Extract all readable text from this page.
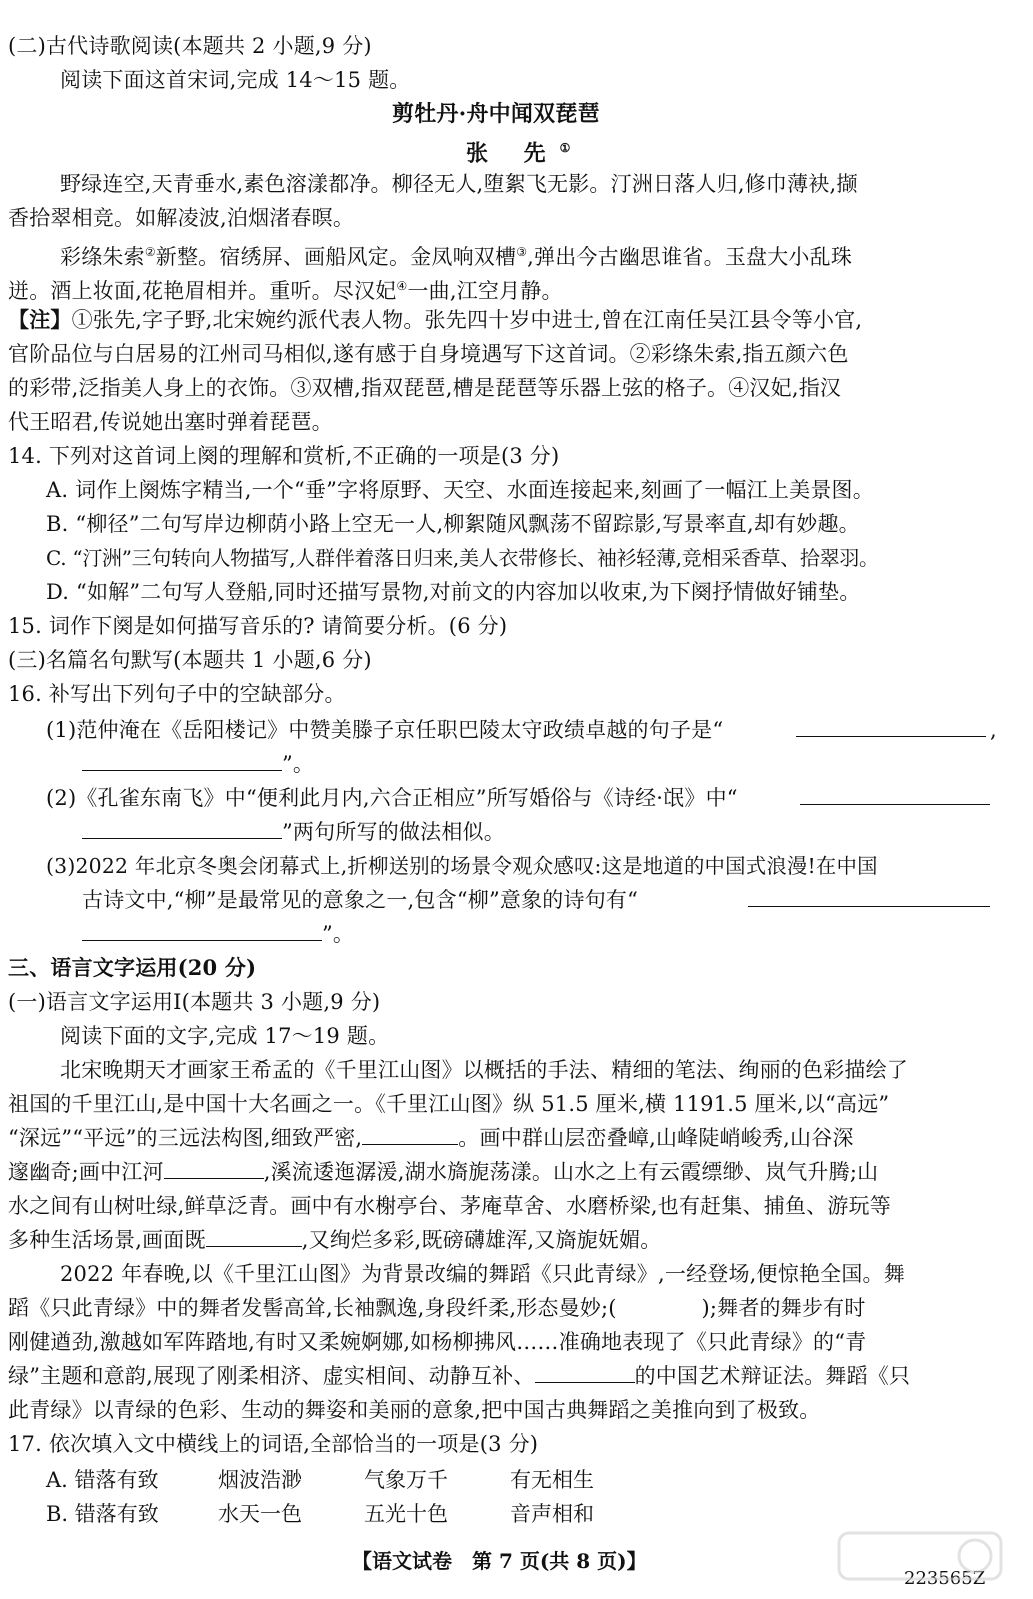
(二)古代诗歌阅读(本题共 2 小题,9 分)
阅读下面这首宋词,完成 14～15 题。
剪牡丹·舟中闻双琵琶
张 先①
野绿连空,天青垂水,素色溶漾都净。柳径无人,堕絮飞无影。汀洲日落人归,修巾薄袂,撷
香拾翠相竞。如解凌波,泊烟渚春暝。
彩绦朱索②新整。宿绣屏、画船风定。金凤响双槽③,弹出今古幽思谁省。玉盘大小乱珠
迸。酒上妆面,花艳眉相并。重听。尽汉妃④一曲,江空月静。
【注】①张先,字子野,北宋婉约派代表人物。张先四十岁中进士,曾在江南任吴江县令等小官,
官阶品位与白居易的江州司马相似,遂有感于自身境遇写下这首词。②彩绦朱索,指五颜六色
的彩带,泛指美人身上的衣饰。③双槽,指双琵琶,槽是琵琶等乐器上弦的格子。④汉妃,指汉
代王昭君,传说她出塞时弹着琵琶。
14. 下列对这首词上阕的理解和赏析,不正确的一项是(3 分)
A. 词作上阕炼字精当,一个“垂”字将原野、天空、水面连接起来,刻画了一幅江上美景图。
B. “柳径”二句写岸边柳荫小路上空无一人,柳絮随风飘荡不留踪影,写景率直,却有妙趣。
C. “汀洲”三句转向人物描写,人群伴着落日归来,美人衣带修长、袖衫轻薄,竞相采香草、拾翠羽。
D. “如解”二句写人登船,同时还描写景物,对前文的内容加以收束,为下阕抒情做好铺垫。
15. 词作下阕是如何描写音乐的? 请简要分析。(6 分)
(三)名篇名句默写(本题共 1 小题,6 分)
16. 补写出下列句子中的空缺部分。
(1)范仲淹在《岳阳楼记》中赞美滕子京任职巴陵太守政绩卓越的句子是“	,
”。
(2)《孔雀东南飞》中“便利此月内,六合正相应”所写婚俗与《诗经·氓》中“
”两句所写的做法相似。
(3)2022 年北京冬奥会闭幕式上,折柳送别的场景令观众感叹:这是地道的中国式浪漫!在中国
古诗文中,“柳”是最常见的意象之一,包含“柳”意象的诗句有“
”。
三、语言文字运用(20 分)
(一)语言文字运用Ⅰ(本题共 3 小题,9 分)
阅读下面的文字,完成 17～19 题。
北宋晚期天才画家王希孟的《千里江山图》以概括的手法、精细的笔法、绚丽的色彩描绘了
祖国的千里江山,是中国十大名画之一。《千里江山图》纵 51.5 厘米,横 1191.5 厘米,以“高远”
“深远”“平远”的三远法构图,细致严密,	。画中群山层峦叠嶂,山峰陡峭峻秀,山谷深
邃幽奇;画中江河	,溪流逶迤潺湲,湖水旖旎荡漾。山水之上有云霞缥缈、岚气升腾;山
水之间有山树吐绿,鲜草泛青。画中有水榭亭台、茅庵草舍、水磨桥梁,也有赶集、捕鱼、游玩等
多种生活场景,画面既	,又绚烂多彩,既磅礴雄浑,又旖旎妩媚。
2022 年春晚,以《千里江山图》为背景改编的舞蹈《只此青绿》,一经登场,便惊艳全国。舞
蹈《只此青绿》中的舞者发髻高耸,长袖飘逸,身段纤柔,形态曼妙;(　　　　);舞者的舞步有时
刚健遒劲,激越如军阵踏地,有时又柔婉婀娜,如杨柳拂风……准确地表现了《只此青绿》的“青
绿”主题和意韵,展现了刚柔相济、虚实相间、动静互补、	的中国艺术辩证法。舞蹈《只
此青绿》以青绿的色彩、生动的舞姿和美丽的意象,把中国古典舞蹈之美推向到了极致。
17. 依次填入文中横线上的词语,全部恰当的一项是(3 分)
A. 错落有致	烟波浩渺	气象万千	有无相生
B. 错落有致	水天一色	五光十色	音声相和
【语文试卷　第 7 页(共 8 页)】
223565Z
